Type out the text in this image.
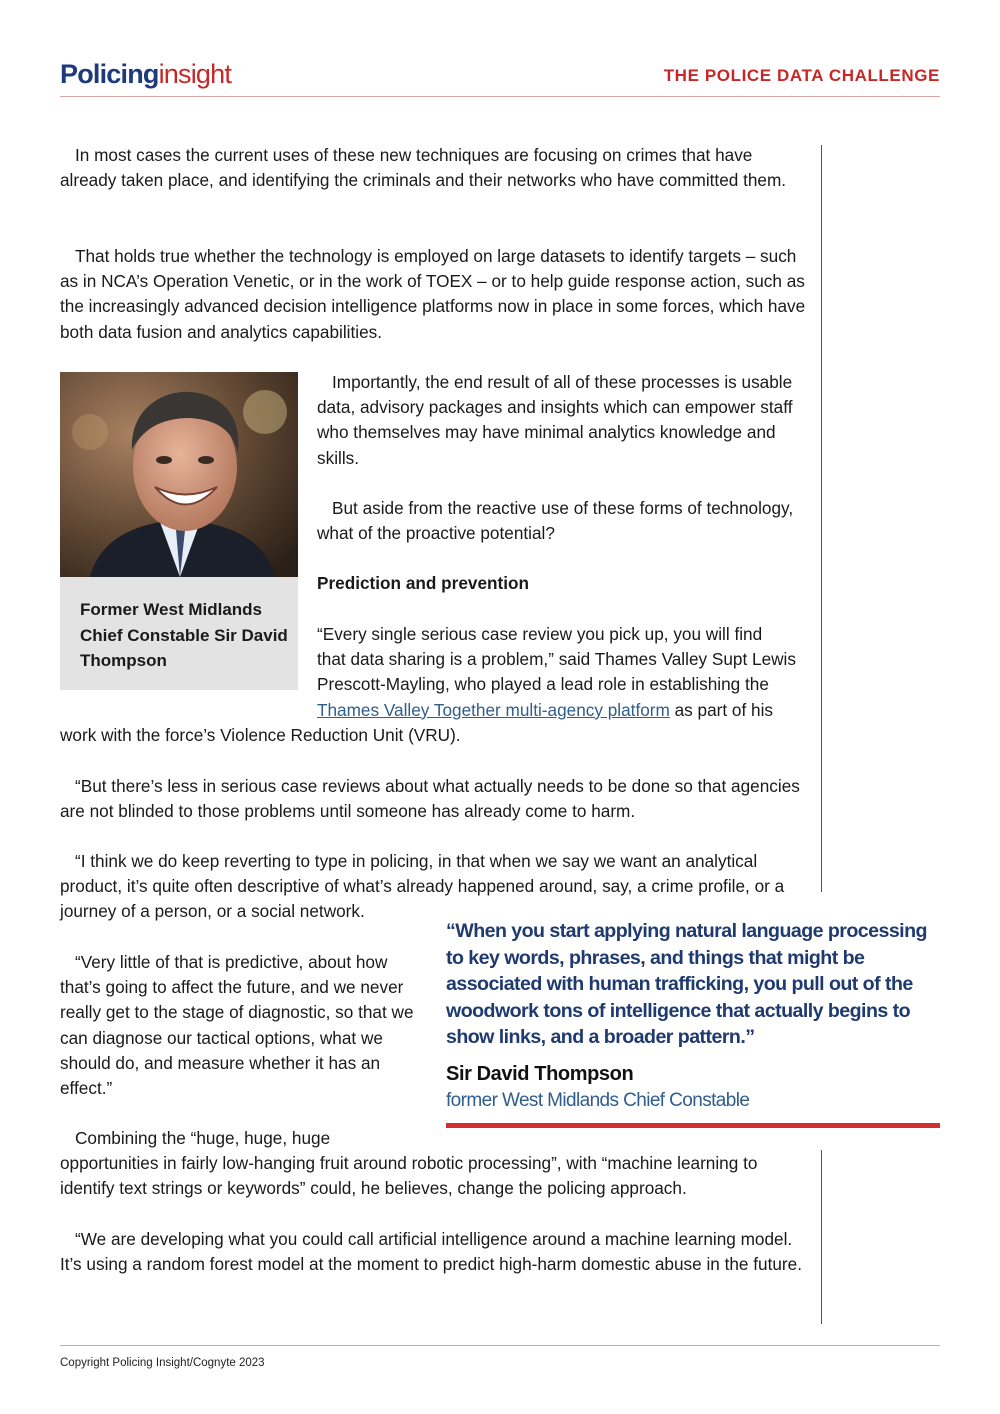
Policinginsight	THE POLICE DATA CHALLENGE

In most cases the current uses of these new techniques are focusing on crimes that have already taken place, and identifying the criminals and their networks who have committed them.

That holds true whether the technology is employed on large datasets to identify targets – such as in NCA’s Operation Venetic, or in the work of TOEX – or to help guide response action, such as the increasingly advanced decision intelligence platforms now in place in some forces, which have both data fusion and analytics capabilities.

Former West Midlands Chief Constable Sir David Thompson

Importantly, the end result of all of these processes is usable data, advisory packages and insights which can empower staff who themselves may have minimal analytics knowledge and skills.

But aside from the reactive use of these forms of technology, what of the proactive potential?

Prediction and prevention
“Every single serious case review you pick up, you will find
that data sharing is a problem,” said Thames Valley Supt Lewis
Prescott-Mayling, who played a lead role in establishing the
Thames Valley Together multi-agency platform as part of his
work with the force’s Violence Reduction Unit (VRU).

“But there’s less in serious case reviews about what actually needs to be done so that agencies are not blinded to those problems until someone has already come to harm.

“I think we do keep reverting to type in policing, in that when we say we want an analytical product, it’s quite often descriptive of what’s already happened around, say, a crime profile, or a journey of a person, or a social network.

“Very little of that is predictive, about how that’s going to affect the future, and we never really get to the stage of diagnostic, so that we can diagnose our tactical options, what we should do, and measure whether it has an effect.”

“When you start applying natural language processing to key words, phrases, and things that might be associated with human trafficking, you pull out of the woodwork tons of intelligence that actually begins to show links, and a broader pattern.”

Sir David Thompson
former West Midlands Chief Constable
Combining the “huge, huge, huge

opportunities in fairly low-hanging fruit around robotic processing”, with “machine learning to identify text strings or keywords” could, he believes, change the policing approach.

“We are developing what you could call artificial intelligence around a machine learning model. It’s using a random forest model at the moment to predict high-harm domestic abuse in the future.

Copyright Policing Insight/Cognyte 2023
